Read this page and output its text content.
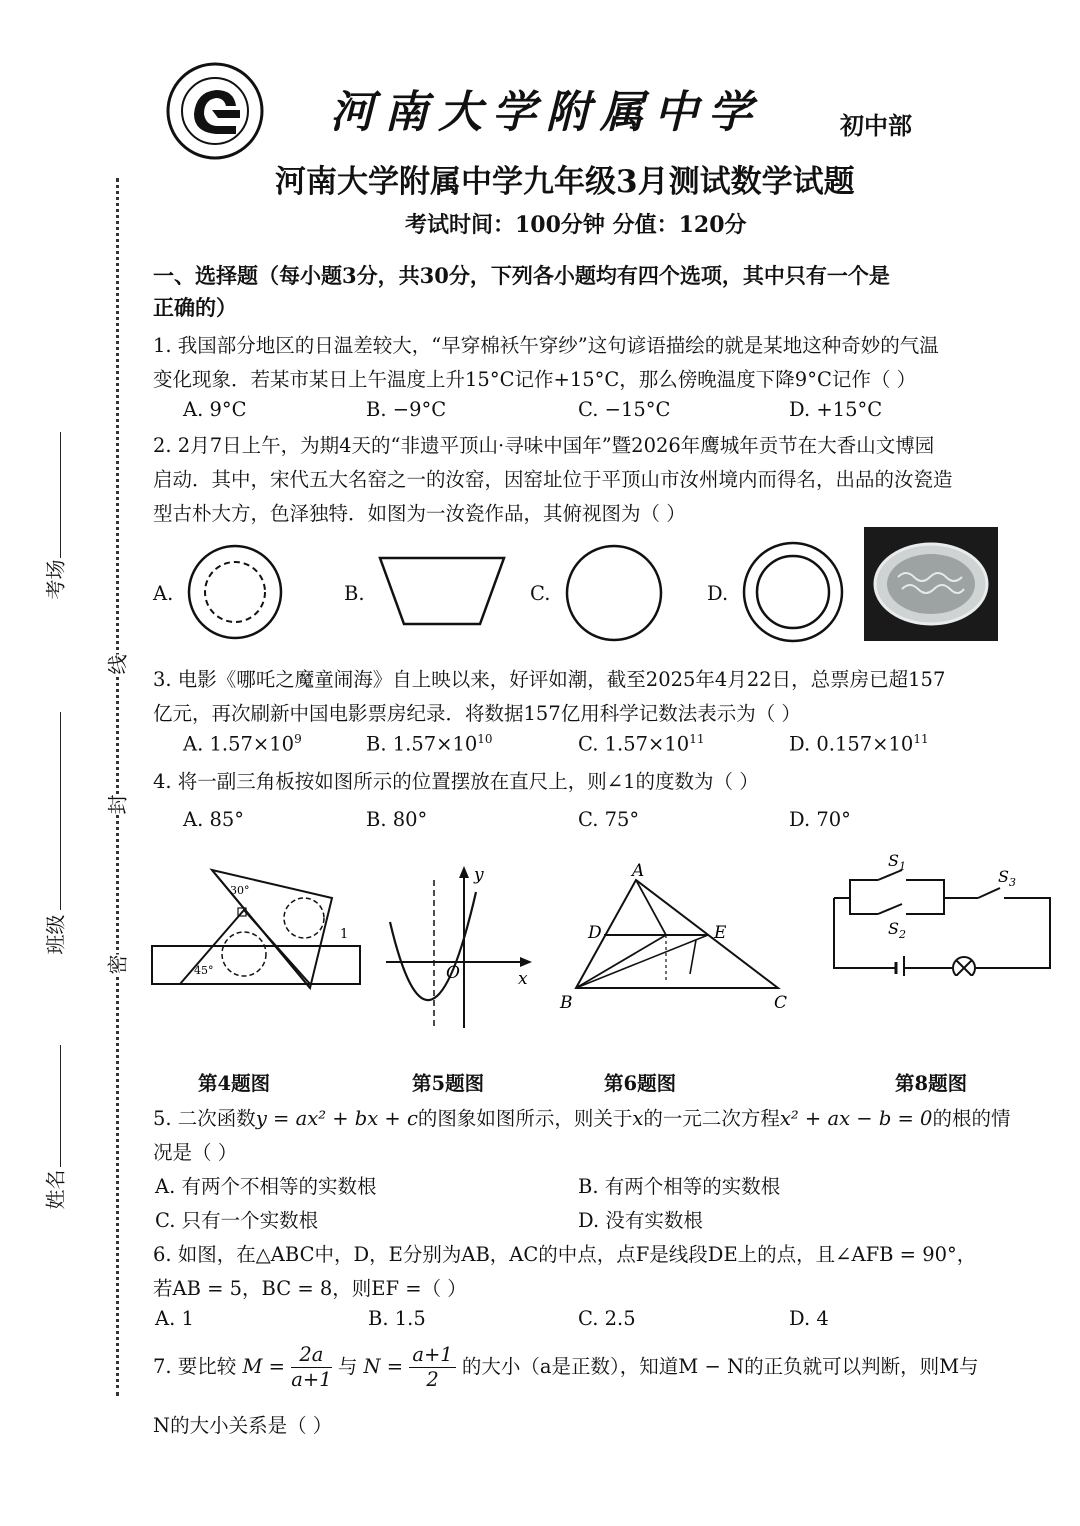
河南大学附属中学	初中部
河南大学附属中学九年级3月测试数学试题
考试时间：100分钟 分值：120分
线
封
密
考场
班级
姓名
一、选择题（每小题3分，共30分，下列各小题均有四个选项，其中只有一个是
正确的）
1. 我国部分地区的日温差较大，“早穿棉袄午穿纱”这句谚语描绘的就是某地这种奇妙的气温
变化现象．若某市某日上午温度上升15°C记作+15°C，那么傍晚温度下降9°C记作（ ）
A. 9°C	B. −9°C	C. −15°C	D. +15°C
2. 2月7日上午，为期4天的“非遗平顶山·寻味中国年”暨2026年鹰城年贡节在大香山文博园
启动．其中，宋代五大名窑之一的汝窑，因窑址位于平顶山市汝州境内而得名，出品的汝瓷造
型古朴大方，色泽独特．如图为一汝瓷作品，其俯视图为（ ）
A.	B.	C.	D.
3. 电影《哪吒之魔童闹海》自上映以来，好评如潮，截至2025年4月22日，总票房已超157
亿元，再次刷新中国电影票房纪录．将数据157亿用科学记数法表示为（ ）
A. $1.57\times 10^9$	B. $1.57\times 10^{10}$	C. $1.57\times 10^{11}$	D. $0.157\times 10^{11}$
4. 将一副三角板按如图所示的位置摆放在直尺上，则∠1的度数为（ ）
A. 85°	B. 80°	C. 75°	D. 70°
30°
45°
1
y
O	x
A
D	E
B	C
$S_1$
$S_2$
$S_3$
第4题图	第5题图	第6题图	第8题图
5. 二次函数y = ax² + bx + c的图象如图所示，则关于x的一元二次方程x² + ax − b = 0的根的情
况是（ ）
A. 有两个不相等的实数根	B. 有两个相等的实数根
C. 只有一个实数根	D. 没有实数根
6. 如图，在△ABC中，D，E分别为AB，AC的中点，点F是线段DE上的点，且∠AFB = 90°，
若AB = 5，BC = 8，则EF =（ ）
A. 1	B. 1.5	C. 2.5	D. 4
7. 要比较 $M = \frac{2a}{a+1}$ 与 $N = \frac{a+1}{2}$ 的大小（a是正数），知道M − N的正负就可以判断，则M与
N的大小关系是（ ）
